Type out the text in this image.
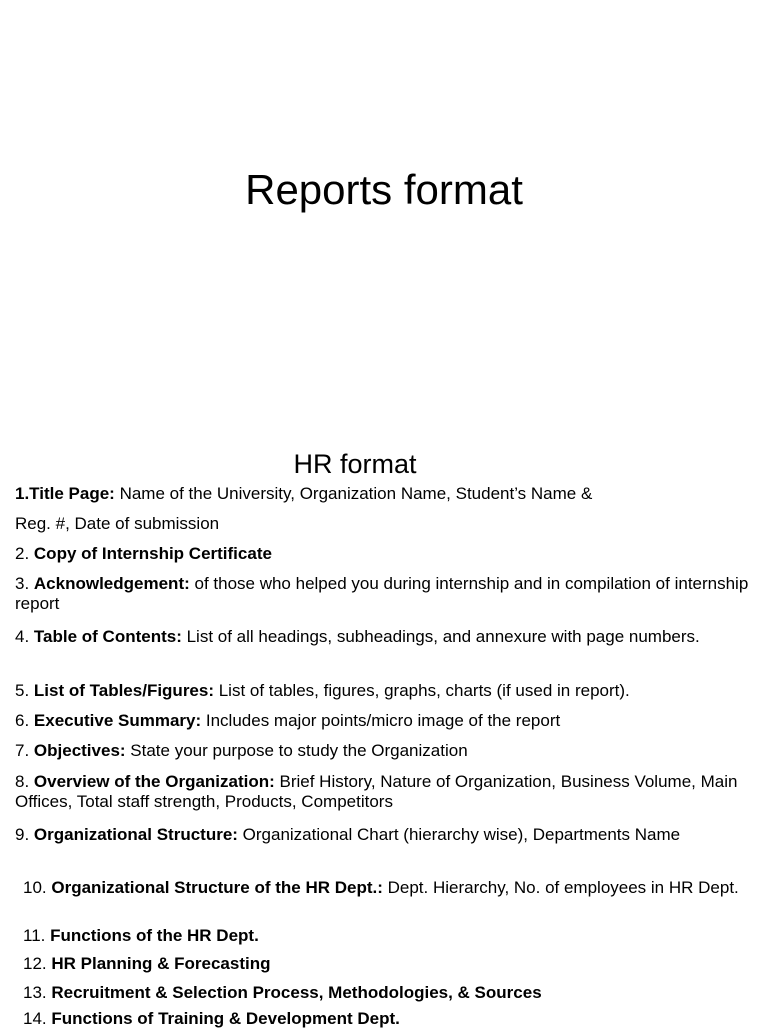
Reports format
HR format

1.Title Page: Name of the University, Organization Name, Student’s Name &

Reg. #, Date of submission

2. Copy of Internship Certificate

3. Acknowledgement: of those who helped you during internship and in compilation of internship report

4. Table of Contents: List of all headings, subheadings, and annexure with page numbers.

5. List of Tables/Figures: List of tables, figures, graphs, charts (if used in report).

6. Executive Summary: Includes major points/micro image of the report

7. Objectives: State your purpose to study the Organization

8. Overview of the Organization: Brief History, Nature of Organization, Business Volume, Main Offices, Total staff strength, Products, Competitors

9. Organizational Structure: Organizational Chart (hierarchy wise), Departments Name

10. Organizational Structure of the HR Dept.: Dept. Hierarchy, No. of employees in HR Dept.

11. Functions of the HR Dept.

12. HR Planning & Forecasting

13. Recruitment & Selection Process, Methodologies, & Sources

14. Functions of Training & Development Dept.
